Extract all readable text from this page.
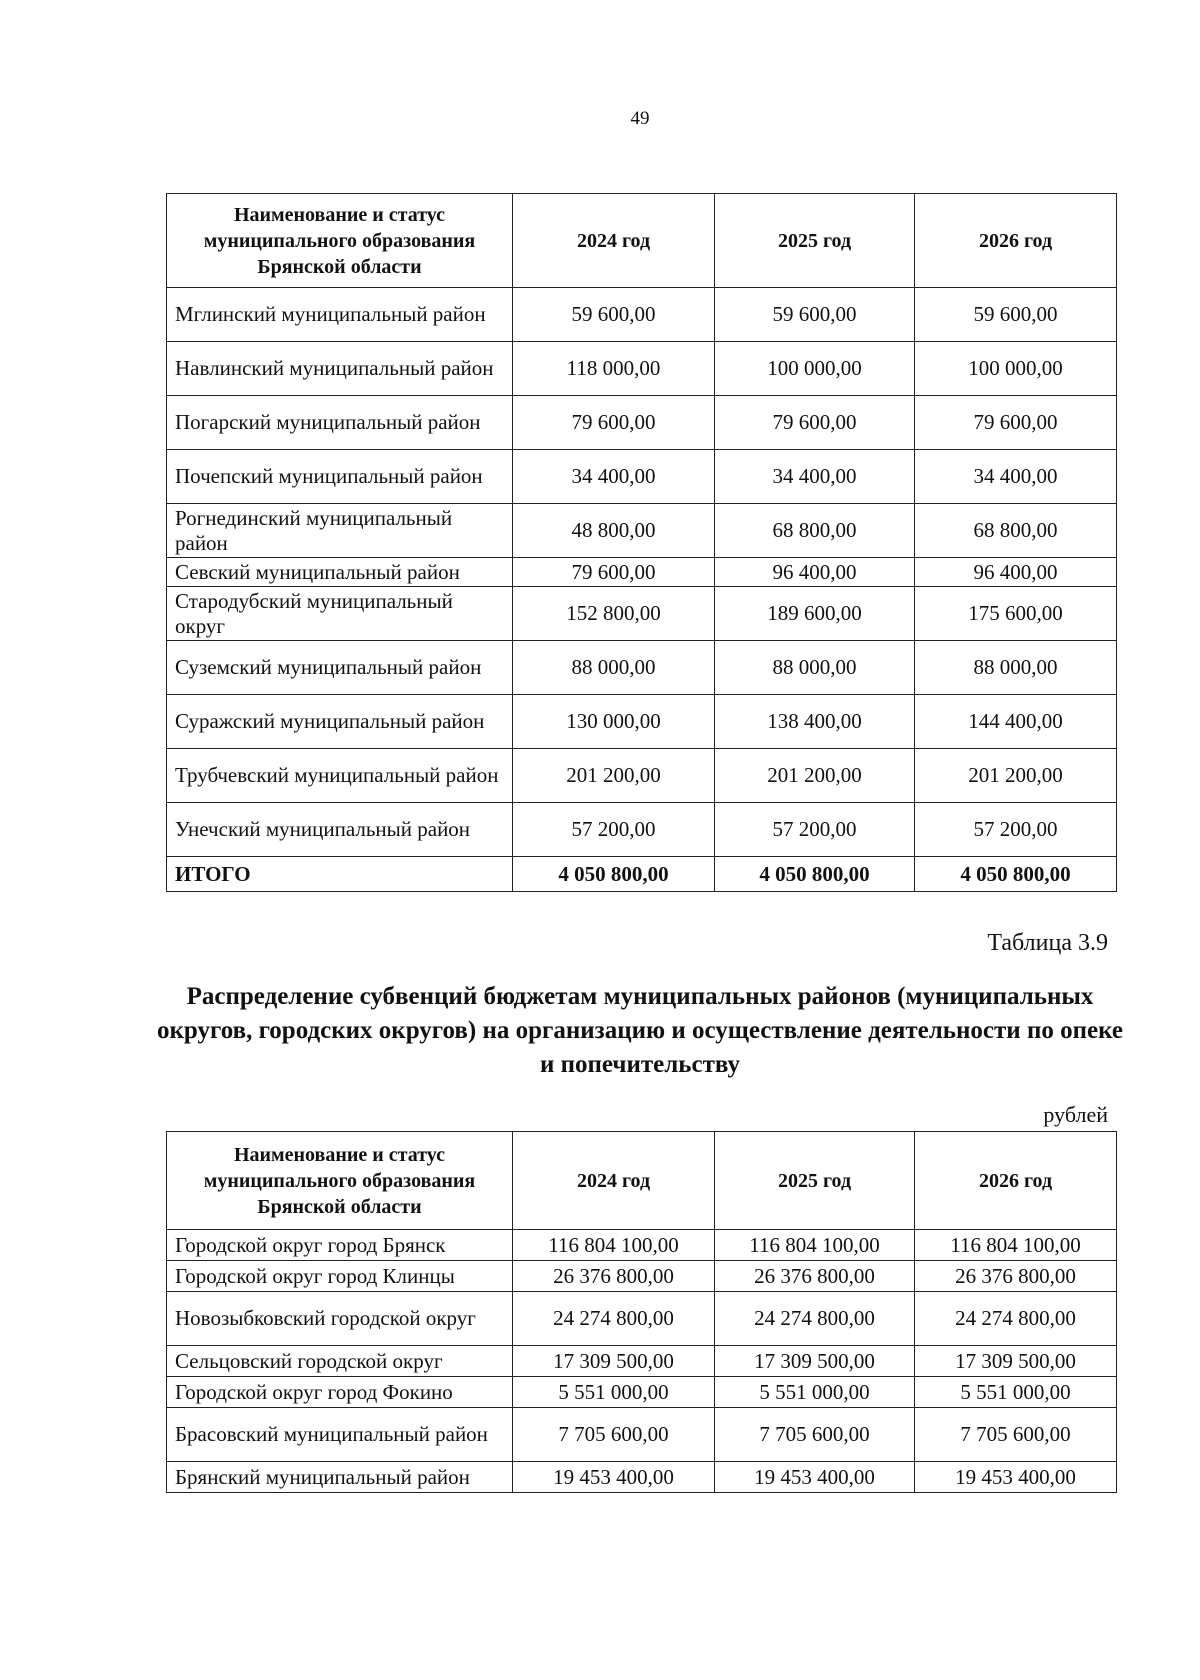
49
Наименование и статус муниципального образования Брянской области	2024 год	2025 год	2026 год
Мглинский муниципальный район	59 600,00	59 600,00	59 600,00
Навлинский муниципальный район	118 000,00	100 000,00	100 000,00
Погарский муниципальный район	79 600,00	79 600,00	79 600,00
Почепский муниципальный район	34 400,00	34 400,00	34 400,00
Рогнединский муниципальный район	48 800,00	68 800,00	68 800,00
Севский муниципальный район	79 600,00	96 400,00	96 400,00
Стародубский муниципальный округ	152 800,00	189 600,00	175 600,00
Суземский муниципальный район	88 000,00	88 000,00	88 000,00
Суражский муниципальный район	130 000,00	138 400,00	144 400,00
Трубчевский муниципальный район	201 200,00	201 200,00	201 200,00
Унечский муниципальный район	57 200,00	57 200,00	57 200,00
ИТОГО	4 050 800,00	4 050 800,00	4 050 800,00
Таблица 3.9
Распределение субвенций бюджетам муниципальных районов (муниципальных округов, городских округов) на организацию и осуществление деятельности по опеке и попечительству
рублей
Наименование и статус муниципального образования Брянской области	2024 год	2025 год	2026 год
Городской округ город Брянск	116 804 100,00	116 804 100,00	116 804 100,00
Городской округ город Клинцы	26 376 800,00	26 376 800,00	26 376 800,00
Новозыбковский городской округ	24 274 800,00	24 274 800,00	24 274 800,00
Сельцовский городской округ	17 309 500,00	17 309 500,00	17 309 500,00
Городской округ город Фокино	5 551 000,00	5 551 000,00	5 551 000,00
Брасовский муниципальный район	7 705 600,00	7 705 600,00	7 705 600,00
Брянский муниципальный район	19 453 400,00	19 453 400,00	19 453 400,00
